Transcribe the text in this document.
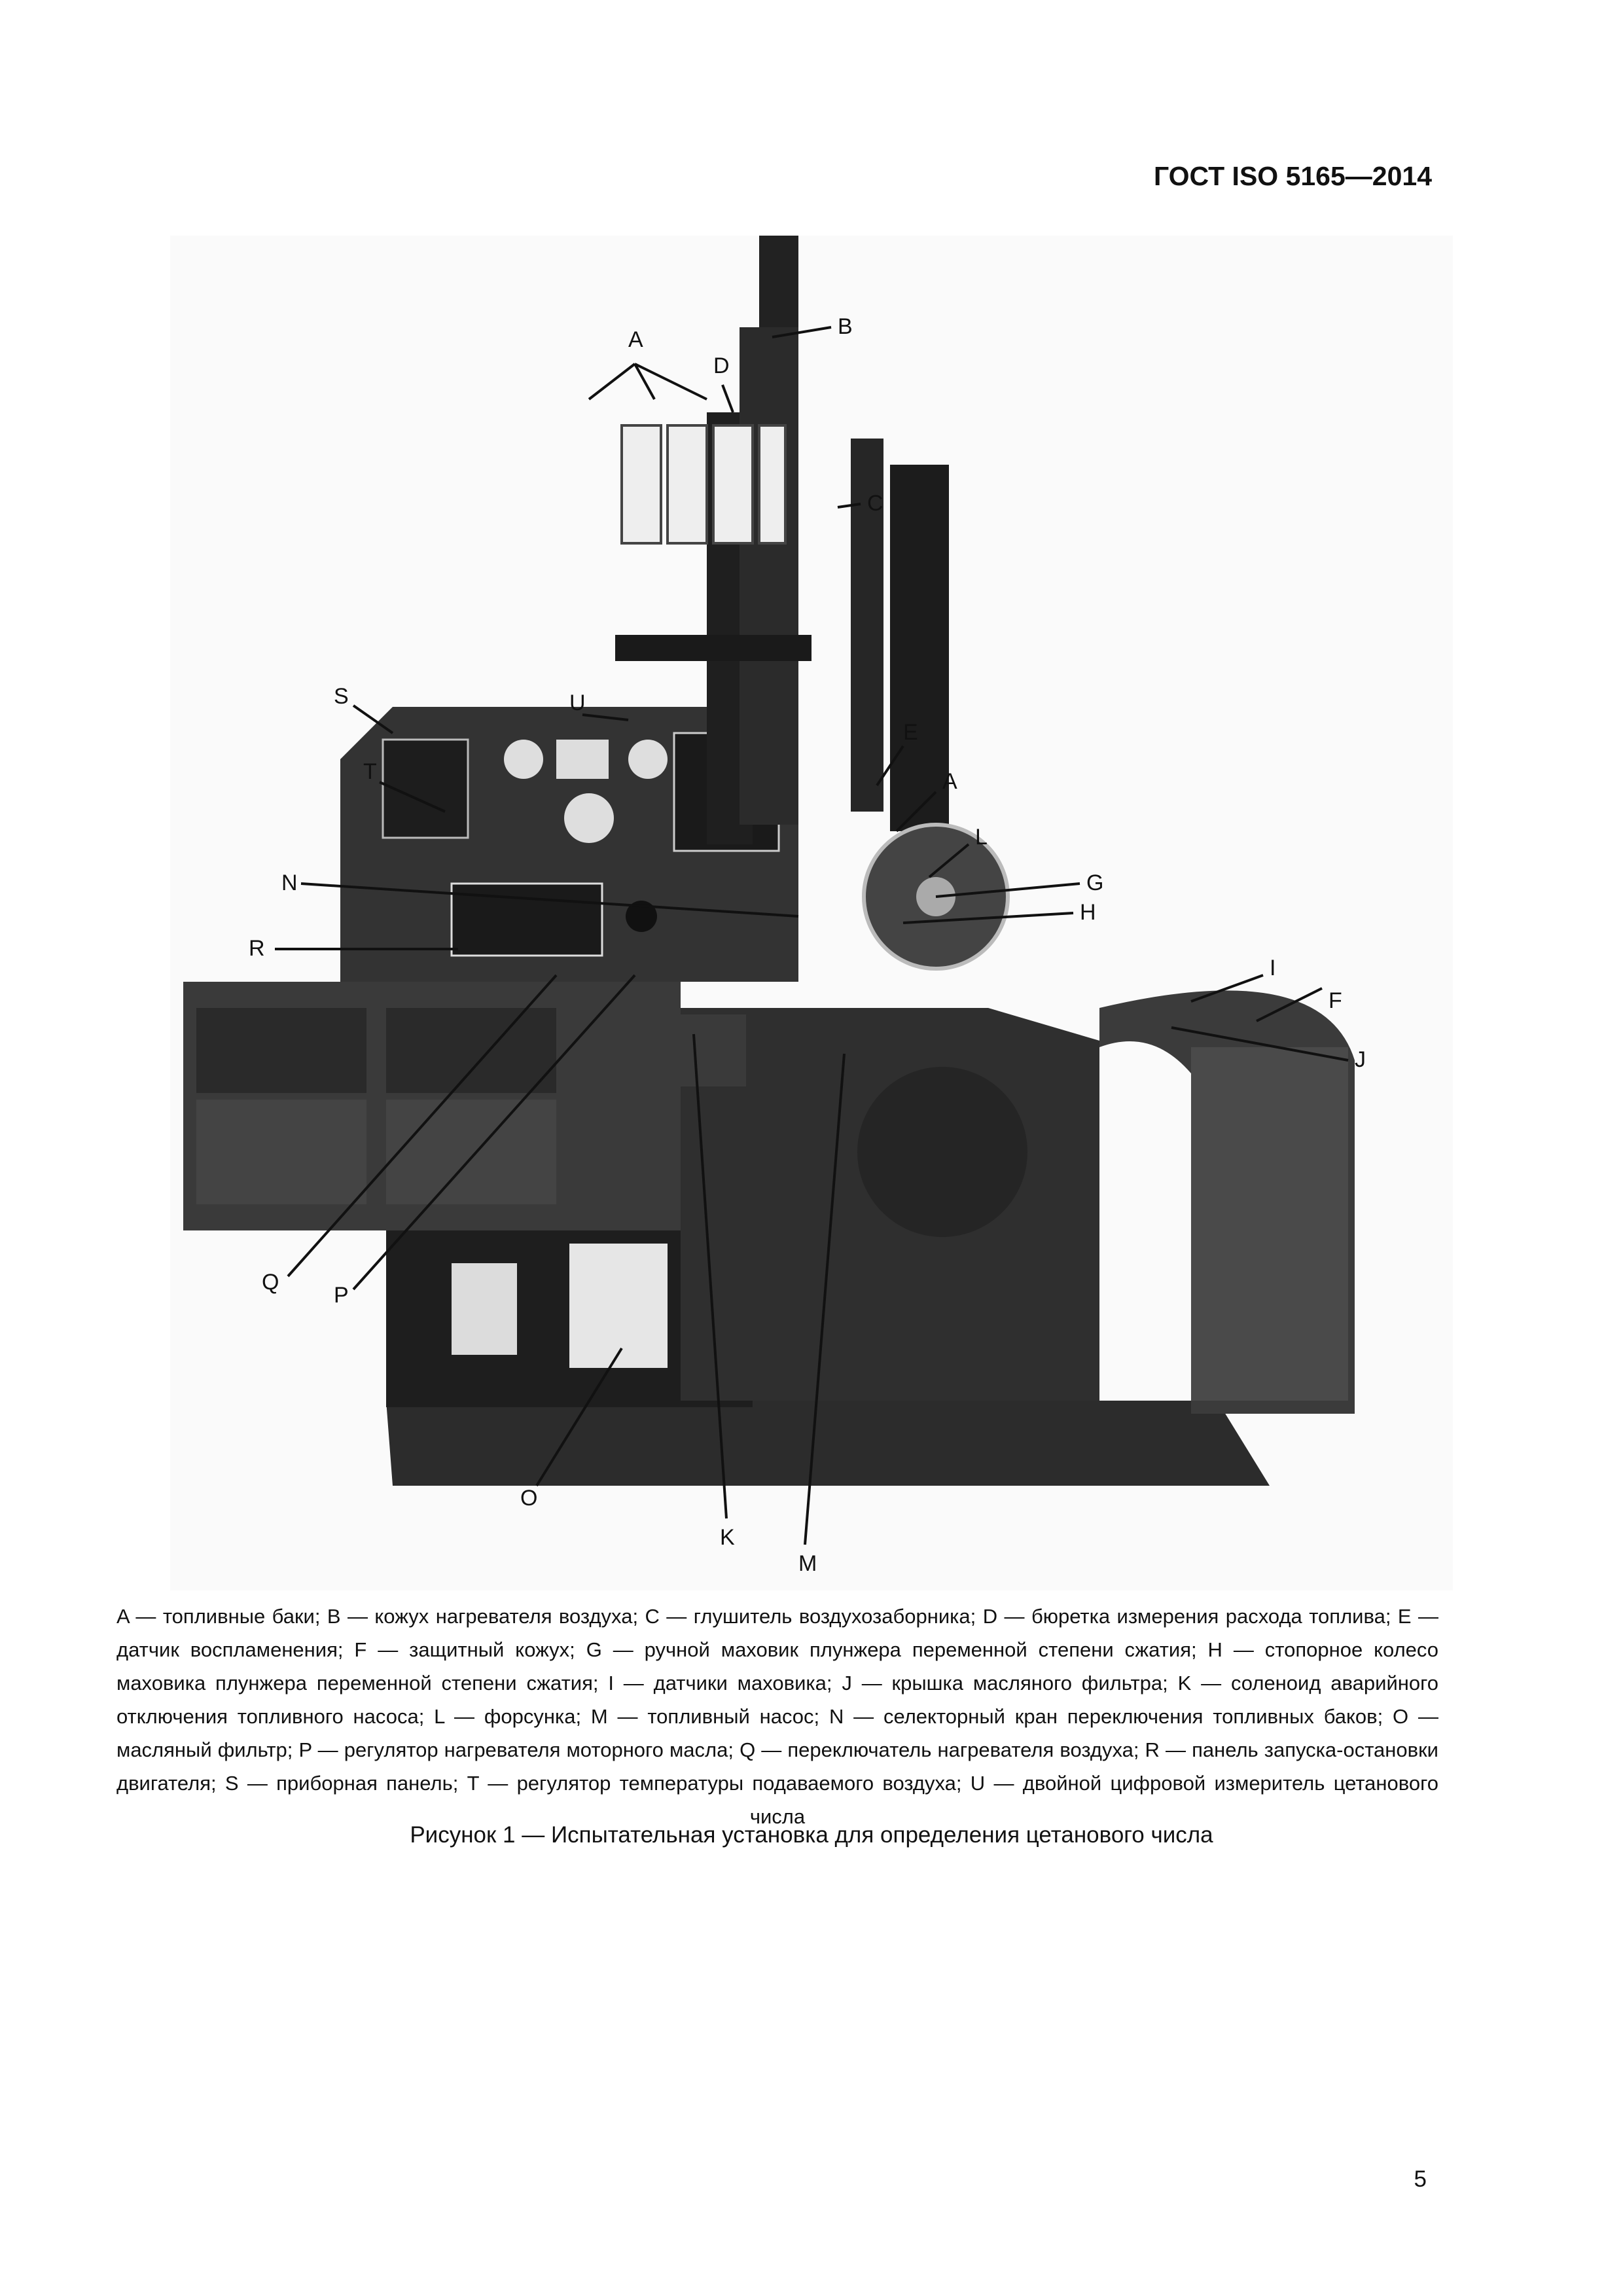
ГОСТ ISO 5165—2014
A
B
C
D
E
A
L
G
H
I
F
J
N
R
U
S
T
Q
P
O
K
M
A — топливные баки; B — кожух нагревателя воздуха; C — глушитель воздухозаборника; D — бюретка измерения расхода топлива; E — датчик воспламенения; F — защитный кожух; G — ручной маховик плунжера переменной степени сжатия; H — стопорное колесо маховика плунжера переменной степени сжатия; I — датчики маховика; J — крышка масляного фильтра; K — соленоид аварийного отключения топливного насоса; L — форсунка; M — топливный насос; N — селекторный кран переключения топливных баков; O — масляный фильтр; P — регулятор нагревателя моторного масла; Q — переключатель нагревателя воздуха; R — панель запуска-остановки двигателя; S — приборная панель; T — регулятор температуры подаваемого воздуха; U — двойной цифровой измеритель цетанового числа
Рисунок 1 — Испытательная установка для определения цетанового числа
5
